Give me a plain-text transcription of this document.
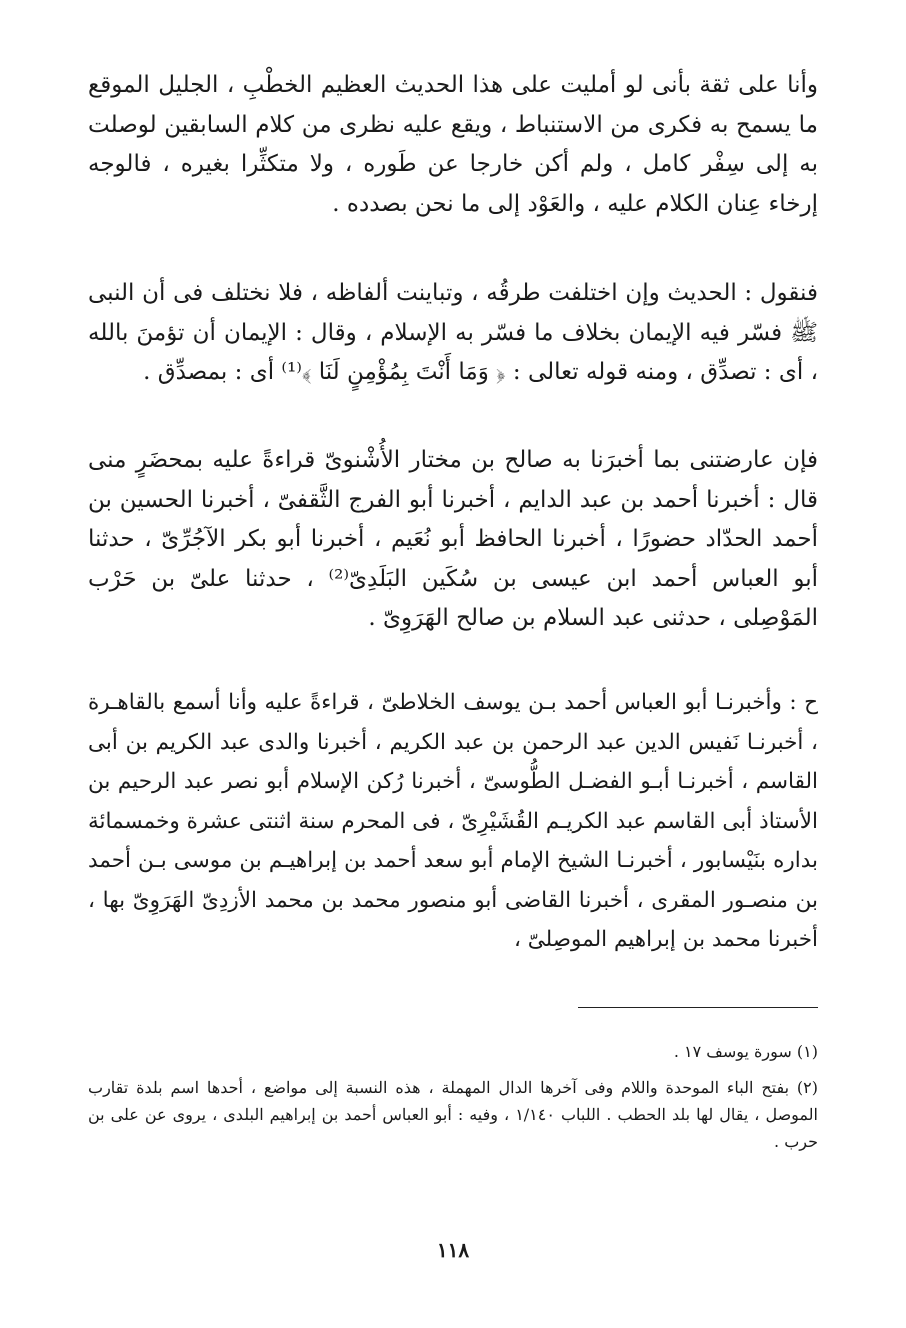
وأنا على ثقة بأنى لو أمليت على هذا الحديث العظيم الخطْبِ ، الجليل الموقع ما يسمح به فكرى من الاستنباط ، ويقع عليه نظرى من كلام السابقين لوصلت به إلى سِفْر كامل ، ولم أكن خارجا عن طَوره ، ولا متكثِّرا بغيره ، فالوجه إرخاء عِنان الكلام عليه ، والعَوْد إلى ما نحن بصدده .

فنقول : الحديث وإن اختلفت طرقُه ، وتباينت ألفاظه ، فلا نختلف فى أن النبى ﷺ فسّر فيه الإيمان بخلاف ما فسّر به الإسلام ، وقال : الإيمان أن تؤمنَ بالله ، أى : تصدِّق ، ومنه قوله تعالى : ﴿ وَمَا أَنْتَ بِمُؤْمِنٍ لَنَا ﴾⁽¹⁾ أى : بمصدِّق .

فإن عارضتنى بما أخبرَنا به صالح بن مختار الأُشْنوىّ قراءةً عليه بمحضَرٍ منى قال : أخبرنا أحمد بن عبد الدايم ، أخبرنا أبو الفرج الثَّقفىّ ، أخبرنا الحسين بن أحمد الحدّاد حضورًا ، أخبرنا الحافظ أبو نُعَيم ، أخبرنا أبو بكر الآجُرِّىّ ، حدثنا أبو العباس أحمد ابن عيسى بن سُكَين البَلَدِىّ⁽²⁾ ، حدثنا علىّ بن حَرْب المَوْصِلى ، حدثنى عبد السلام بن صالح الهَرَوِىّ .

ح : وأخبرنـا أبو العباس أحمد بـن يوسف الخلاطىّ ، قراءةً عليه وأنا أسمع بالقاهـرة ، أخبرنـا نَفيس الدين عبد الرحمن بن عبد الكريم ، أخبرنا والدى عبد الكريم بن أبى القاسم ، أخبرنـا أبـو الفضـل الطُّوسىّ ، أخبرنا رُكن الإسلام أبو نصر عبد الرحيم بن الأستاذ أبى القاسم عبد الكريـم القُشَيْرِىّ ، فى المحرم سنة اثنتى عشرة وخمسمائة بداره بنَيْسابور ، أخبرنـا الشيخ الإمام أبو سعد أحمد بن إبراهيـم بن موسى بـن أحمد بن منصـور المقرى ، أخبرنا القاضى أبو منصور محمد بن محمد الأزدِىّ الهَرَوِىّ بها ، أخبرنا محمد بن إبراهيم الموصِلىّ ،

(١) سورة يوسف ١٧ .
(٢) بفتح الباء الموحدة واللام وفى آخرها الدال المهملة ، هذه النسبة إلى مواضع ، أحدها اسم بلدة تقارب الموصل ، يقال لها بلد الحطب . اللباب ١/١٤٠ ، وفيه : أبو العباس أحمد بن إبراهيم البلدى ، يروى عن على بن حرب .
١١٨
